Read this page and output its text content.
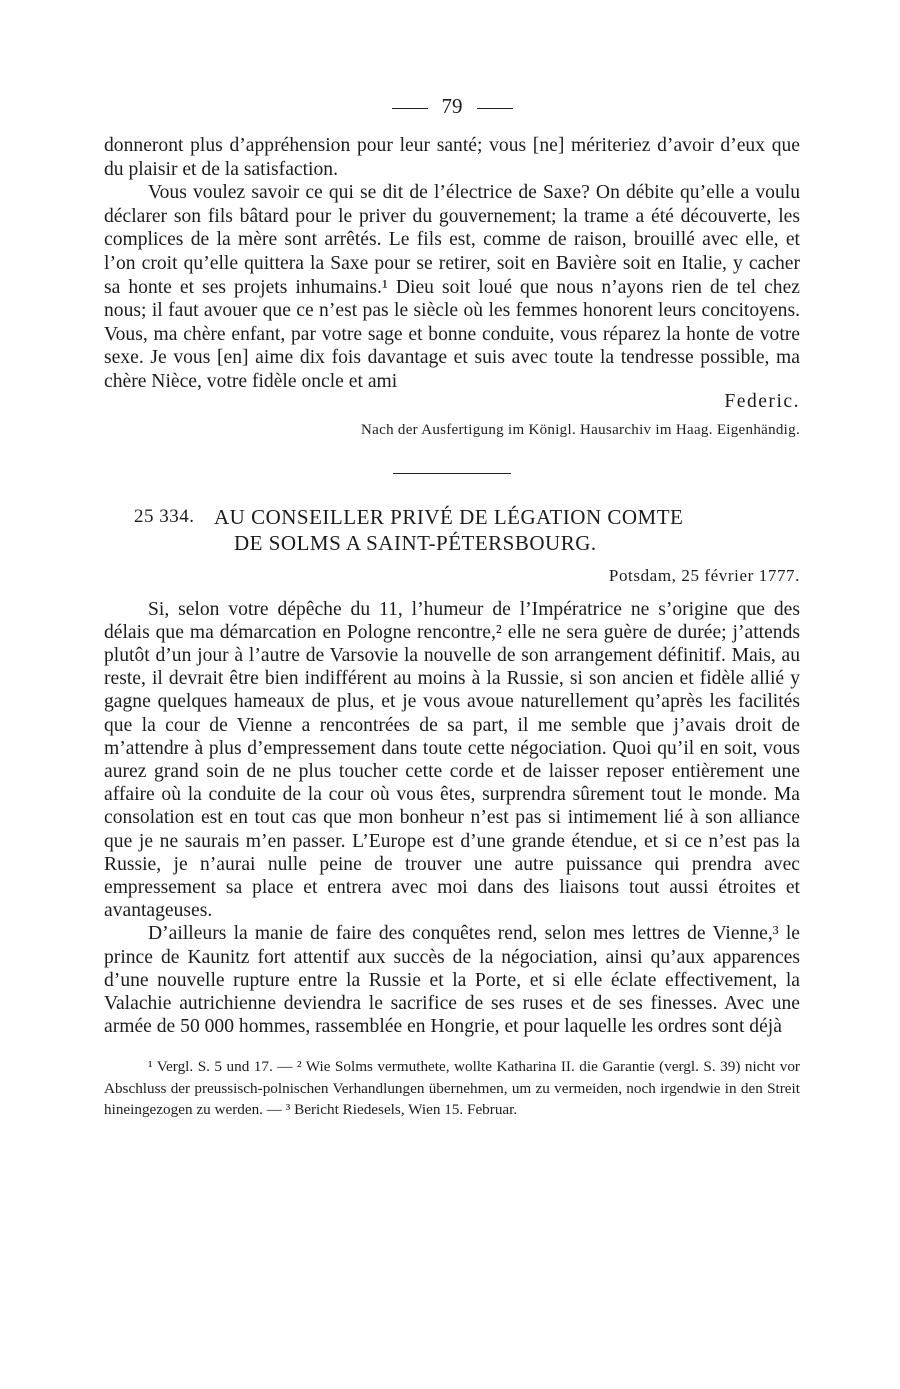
79

donneront plus d’appréhension pour leur santé; vous [ne] mériteriez d’avoir d’eux que du plaisir et de la satisfaction.

Vous voulez savoir ce qui se dit de l’électrice de Saxe? On débite qu’elle a voulu déclarer son fils bâtard pour le priver du gouvernement; la trame a été découverte, les complices de la mère sont arrêtés. Le fils est, comme de raison, brouillé avec elle, et l’on croit qu’elle quittera la Saxe pour se retirer, soit en Bavière soit en Italie, y cacher sa honte et ses projets inhumains.¹ Dieu soit loué que nous n’ayons rien de tel chez nous; il faut avouer que ce n’est pas le siècle où les femmes honorent leurs concitoyens. Vous, ma chère enfant, par votre sage et bonne conduite, vous réparez la honte de votre sexe. Je vous [en] aime dix fois davantage et suis avec toute la tendresse possible, ma chère Nièce, votre fidèle oncle et ami

Federic.
Nach der Ausfertigung im Königl. Hausarchiv im Haag. Eigenhändig.
25 334. AU CONSEILLER PRIVÉ DE LÉGATION COMTE
DE SOLMS A SAINT-PÉTERSBOURG.
Potsdam, 25 février 1777.

Si, selon votre dépêche du 11, l’humeur de l’Impératrice ne s’origine que des délais que ma démarcation en Pologne rencontre,² elle ne sera guère de durée; j’attends plutôt d’un jour à l’autre de Varsovie la nouvelle de son arrangement définitif. Mais, au reste, il devrait être bien indifférent au moins à la Russie, si son ancien et fidèle allié y gagne quelques hameaux de plus, et je vous avoue naturellement qu’après les facilités que la cour de Vienne a rencontrées de sa part, il me semble que j’avais droit de m’attendre à plus d’empressement dans toute cette négociation. Quoi qu’il en soit, vous aurez grand soin de ne plus toucher cette corde et de laisser reposer entièrement une affaire où la conduite de la cour où vous êtes, surprendra sûrement tout le monde. Ma consolation est en tout cas que mon bonheur n’est pas si intimement lié à son alliance que je ne saurais m’en passer. L’Europe est d’une grande étendue, et si ce n’est pas la Russie, je n’aurai nulle peine de trouver une autre puissance qui prendra avec empressement sa place et entrera avec moi dans des liaisons tout aussi étroites et avantageuses.

D’ailleurs la manie de faire des conquêtes rend, selon mes lettres de Vienne,³ le prince de Kaunitz fort attentif aux succès de la négociation, ainsi qu’aux apparences d’une nouvelle rupture entre la Russie et la Porte, et si elle éclate effectivement, la Valachie autrichienne deviendra le sacrifice de ses ruses et de ses finesses. Avec une armée de 50 000 hommes, rassemblée en Hongrie, et pour laquelle les ordres sont déjà

¹ Vergl. S. 5 und 17. — ² Wie Solms vermuthete, wollte Katharina II. die Garantie (vergl. S. 39) nicht vor Abschluss der preussisch-polnischen Verhandlungen übernehmen, um zu vermeiden, noch irgendwie in den Streit hineingezogen zu werden. — ³ Bericht Riedesels, Wien 15. Februar.
